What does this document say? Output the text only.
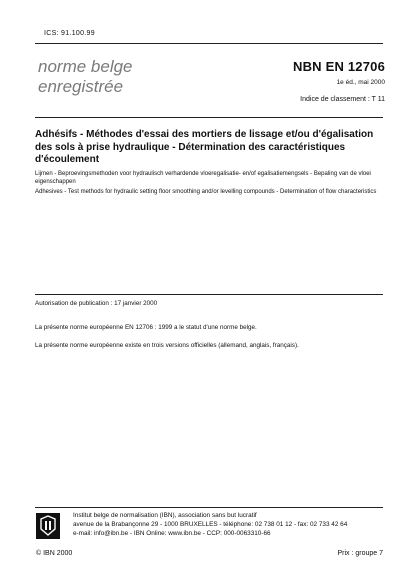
ICS: 91.100.99
norme belge
enregistrée
NBN EN 12706
1e éd., mai 2000
Indice de classement : T 11
Adhésifs - Méthodes d'essai des mortiers de lissage et/ou d'égalisation des sols à prise hydraulique - Détermination des caractéristiques d'écoulement
Lijmen - Beproevingsmethoden voor hydraulisch verhardende vloeregalisatie- en/of egalisatiemengsels - Bepaling van de vloei eigenschappen
Adhesives - Test methods for hydraulic setting floor smoothing and/or levelling compounds - Determination of flow characteristics
Autorisation de publication : 17 janvier 2000
La présente norme européenne EN 12706 : 1999 a le statut d'une norme belge.
La présente norme européenne existe en trois versions officielles (allemand, anglais, français).
Institut belge de normalisation (IBN), association sans but lucratif
avenue de la Brabançonne 29 - 1000 BRUXELLES - téléphone: 02 738 01 12 - fax: 02 733 42 64
e-mail: info@ibn.be - IBN Online: www.ibn.be - CCP: 000-0063310-66
© IBN 2000	Prix : groupe 7
